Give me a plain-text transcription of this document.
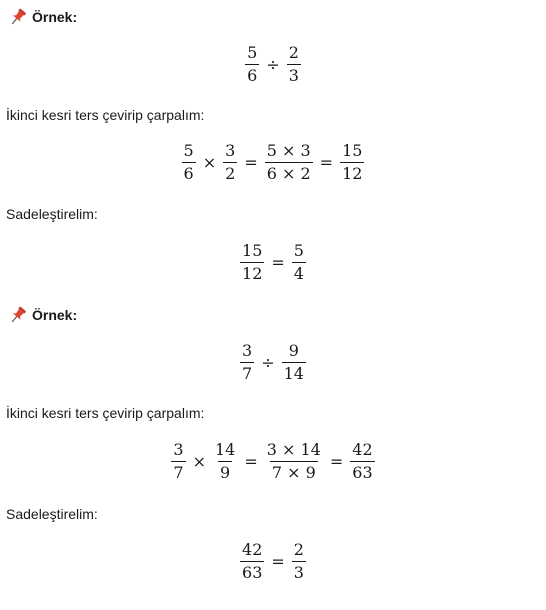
Örnek:
$\frac{5}{6} \div \frac{2}{3}$
İkinci kesri ters çevirip çarpalım:
$\frac{5}{6} \times \frac{3}{2} = \frac{5 \times 3}{6 \times 2} = \frac{15}{12}$
Sadeleştirelim:
$\frac{15}{12} = \frac{5}{4}$
Örnek:
$\frac{3}{7} \div \frac{9}{14}$
İkinci kesri ters çevirip çarpalım:
$\frac{3}{7} \times \frac{14}{9} = \frac{3 \times 14}{7 \times 9} = \frac{42}{63}$
Sadeleştirelim:
$\frac{42}{63} = \frac{2}{3}$
